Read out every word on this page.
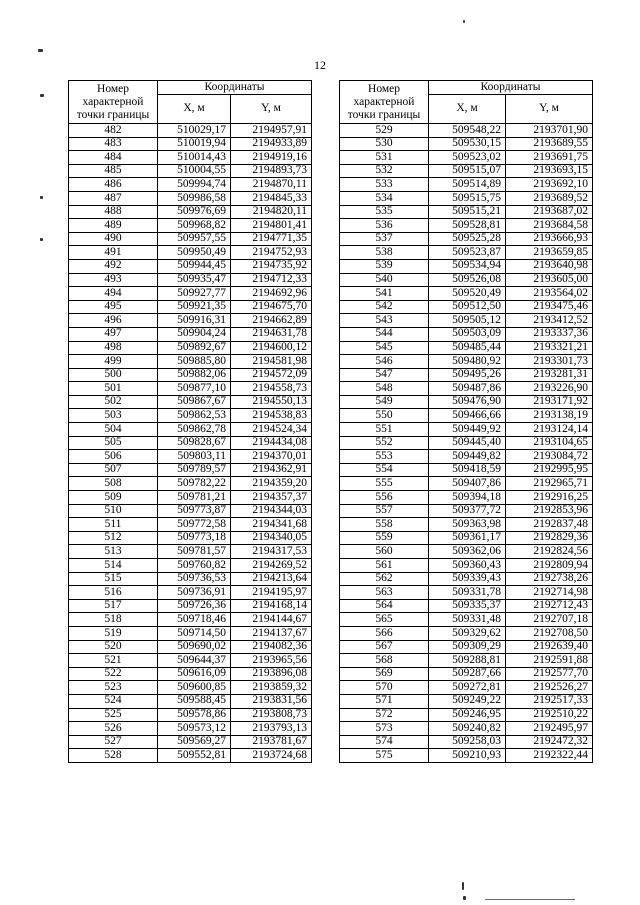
12
Номер характерной точки границы	Координаты	
	X, м	Y, м
482	510029,17	2194957,91
483	510019,94	2194933,89
484	510014,43	2194919,16
485	510004,55	2194893,73
486	509994,74	2194870,11
487	509986,58	2194845,33
488	509976,69	2194820,11
489	509968,82	2194801,41
490	509957,55	2194771,35
491	509950,49	2194752,93
492	509944,45	2194735,92
493	509935,47	2194712,33
494	509927,77	2194692,96
495	509921,35	2194675,70
496	509916,31	2194662,89
497	509904,24	2194631,78
498	509892,67	2194600,12
499	509885,80	2194581,98
500	509882,06	2194572,09
501	509877,10	2194558,73
502	509867,67	2194550,13
503	509862,53	2194538,83
504	509862,78	2194524,34
505	509828,67	2194434,08
506	509803,11	2194370,01
507	509789,57	2194362,91
508	509782,22	2194359,20
509	509781,21	2194357,37
510	509773,87	2194344,03
511	509772,58	2194341,68
512	509773,18	2194340,05
513	509781,57	2194317,53
514	509760,82	2194269,52
515	509736,53	2194213,64
516	509736,91	2194195,97
517	509726,36	2194168,14
518	509718,46	2194144,67
519	509714,50	2194137,67
520	509690,02	2194082,36
521	509644,37	2193965,56
522	509616,09	2193896,08
523	509600,85	2193859,32
524	509588,45	2193831,56
525	509578,86	2193808,73
526	509573,12	2193793,13
527	509569,27	2193781,67
528	509552,81	2193724,68
Номер характерной точки границы	Координаты	
	X, м	Y, м
529	509548,22	2193701,90
530	509530,15	2193689,55
531	509523,02	2193691,75
532	509515,07	2193693,15
533	509514,89	2193692,10
534	509515,75	2193689,52
535	509515,21	2193687,02
536	509528,81	2193684,58
537	509525,28	2193666,93
538	509523,87	2193659,85
539	509534,94	2193640,98
540	509526,08	2193605,00
541	509520,49	2193564,02
542	509512,50	2193475,46
543	509505,12	2193412,52
544	509503,09	2193337,36
545	509485,44	2193321,21
546	509480,92	2193301,73
547	509495,26	2193281,31
548	509487,86	2193226,90
549	509476,90	2193171,92
550	509466,66	2193138,19
551	509449,92	2193124,14
552	509445,40	2193104,65
553	509449,82	2193084,72
554	509418,59	2192995,95
555	509407,86	2192965,71
556	509394,18	2192916,25
557	509377,72	2192853,96
558	509363,98	2192837,48
559	509361,17	2192829,36
560	509362,06	2192824,56
561	509360,43	2192809,94
562	509339,43	2192738,26
563	509331,78	2192714,98
564	509335,37	2192712,43
565	509331,48	2192707,18
566	509329,62	2192708,50
567	509309,29	2192639,40
568	509288,81	2192591,88
569	509287,66	2192577,70
570	509272,81	2192526,27
571	509249,22	2192517,33
572	509246,95	2192510,22
573	509240,82	2192495,97
574	509258,03	2192472,32
575	509210,93	2192322,44
